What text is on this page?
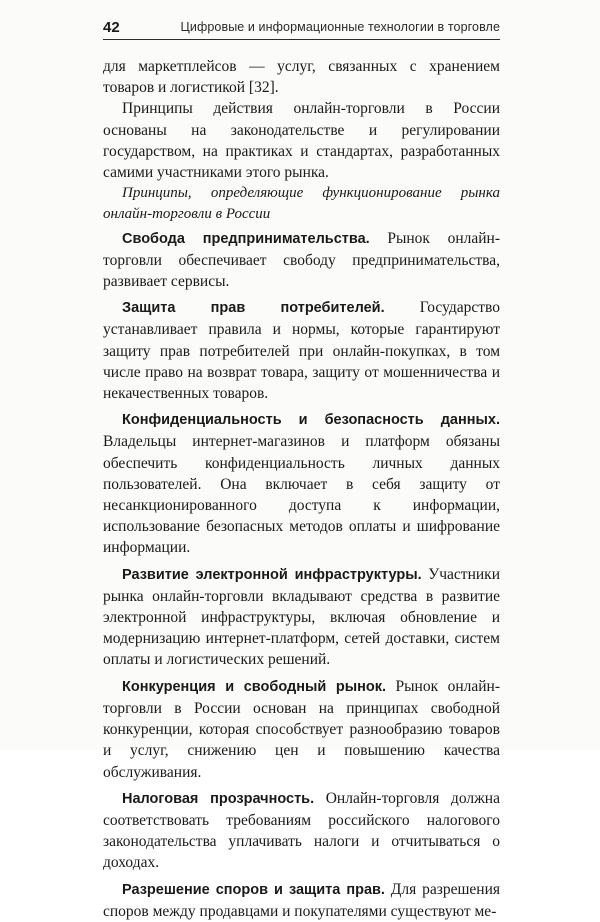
42	Цифровые и информационные технологии в торговле

для маркетплейсов — услуг, связанных с хранением товаров и логистикой [32].

Принципы действия онлайн-торговли в России основаны на законодательстве и регулировании государством, на практиках и стандартах, разработанных самими участниками этого рынка.

Принципы, определяющие функционирование рынка онлайн-торговли в России

Свобода предпринимательства. Рынок онлайн-торговли обеспечивает свободу предпринимательства, развивает сервисы.

Защита прав потребителей. Государство устанавливает правила и нормы, которые гарантируют защиту прав потребителей при онлайн-покупках, в том числе право на возврат товара, защиту от мошенничества и некачественных товаров.

Конфиденциальность и безопасность данных. Владельцы интернет-магазинов и платформ обязаны обеспечить конфиденциальность личных данных пользователей. Она включает в себя защиту от несанкционированного доступа к информации, использование безопасных методов оплаты и шифрование информации.

Развитие электронной инфраструктуры. Участники рынка онлайн-торговли вкладывают средства в развитие электронной инфраструктуры, включая обновление и модернизацию интернет-платформ, сетей доставки, систем оплаты и логистических решений.

Конкуренция и свободный рынок. Рынок онлайн-торговли в России основан на принципах свободной конкуренции, которая способствует разнообразию товаров и услуг, снижению цен и повышению качества обслуживания.

Налоговая прозрачность. Онлайн-торговля должна соответствовать требованиям российского налогового законодательства уплачивать налоги и отчитываться о доходах.

Разрешение споров и защита прав. Для разрешения споров между продавцами и покупателями существуют ме-
